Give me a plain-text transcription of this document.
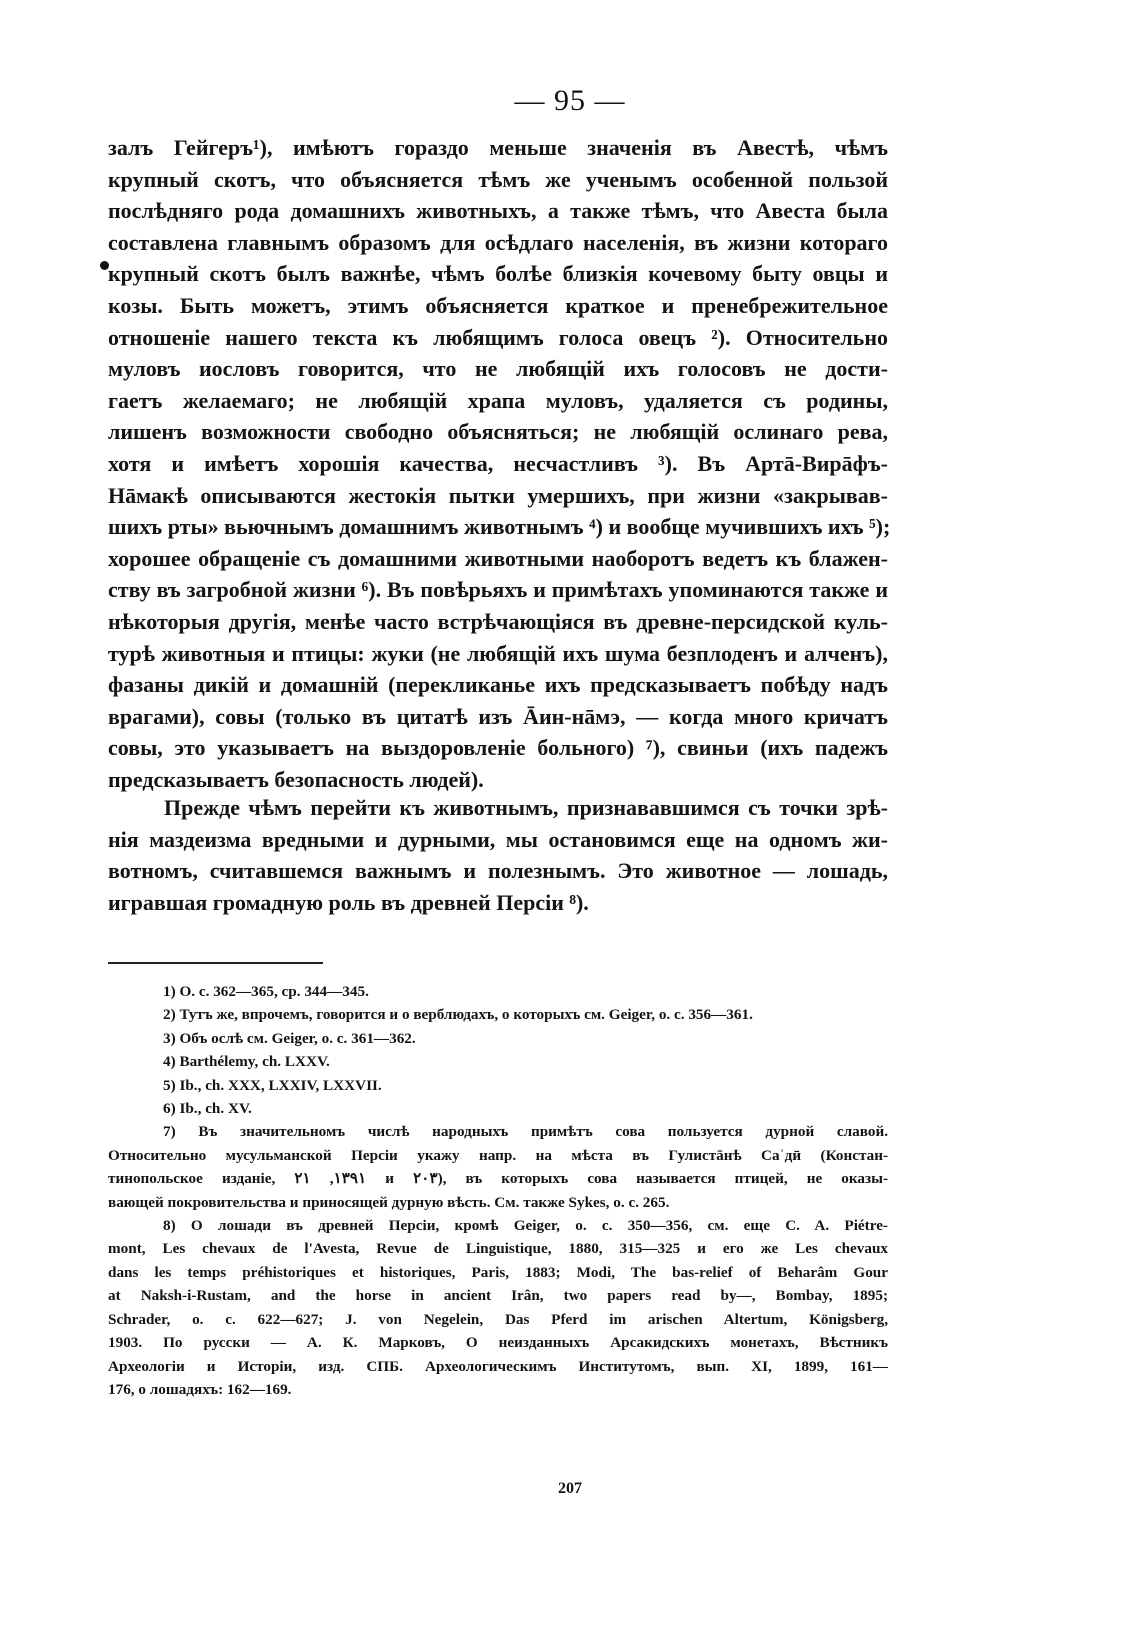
— 95 —
залъ Гейгеръ¹), имѣютъ гораздо меньше значенія въ Авестѣ, чѣмъ
крупный скотъ, что объясняется тѣмъ же ученымъ особенной пользой
послѣдняго рода домашнихъ животныхъ, а также тѣмъ, что Авеста была
составлена главнымъ образомъ для осѣдлаго населенія, въ жизни котораго
крупный скотъ былъ важнѣе, чѣмъ болѣе близкія кочевому быту овцы и
козы. Быть можетъ, этимъ объясняется краткое и пренебрежительное
отношеніе нашего текста къ любящимъ голоса овецъ ²). Относительно
муловъ иословъ говорится, что не любящій ихъ голосовъ не дости-
гаетъ желаемаго; не любящій храпа муловъ, удаляется съ родины,
лишенъ возможности свободно объясняться; не любящій ослинаго рева,
хотя и имѣетъ хорошія качества, несчастливъ ³). Въ Артā-Вирāфъ-
Нāмакѣ описываются жестокія пытки умершихъ, при жизни «закрывав-
шихъ рты» вьючнымъ домашнимъ животнымъ ⁴) и вообще мучившихъ ихъ ⁵);
хорошее обращеніе съ домашними животными наоборотъ ведетъ къ блажен-
ству въ загробной жизни ⁶). Въ повѣрьяхъ и примѣтахъ упоминаются также и
нѣкоторыя другія, менѣе часто встрѣчающіяся въ древне-персидской куль-
турѣ животныя и птицы: жуки (не любящій ихъ шума безплоденъ и алченъ),
фазаны дикій и домашній (перекликанье ихъ предсказываетъ побѣду надъ
врагами), совы (только въ цитатѣ изъ Āин-нāмэ, — когда много кричатъ
совы, это указываетъ на выздоровленіе больного) ⁷), свиньи (ихъ падежъ
предсказываетъ безопасность людей).
Прежде чѣмъ перейти къ животнымъ, признававшимся съ точки зрѣ-
нія маздеизма вредными и дурными, мы остановимся еще на одномъ жи-
вотномъ, считавшемся важнымъ и полезнымъ. Это животное — лошадь,
игравшая громадную роль въ древней Персіи ⁸).
1) О. с. 362—365, ср. 344—345.
2) Тутъ же, впрочемъ, говорится и о верблюдахъ, о которыхъ см. Geiger, o. c. 356—361.
3) Объ ослѣ см. Geiger, o. c. 361—362.
4) Barthélemy, ch. LXXV.
5) Ib., ch. XXX, LXXIV, LXXVII.
6) Ib., ch. XV.
7) Въ значительномъ числѣ народныхъ примѣтъ сова пользуется дурной славой.
Относительно мусульманской Персіи укажу напр. на мѣста въ Гулистāнѣ Саʿдӣ (Констан-
тинопольское изданіе, ١٣٩١, ٢١ и ٢٠٣), въ которыхъ сова называется птицей, не оказы-
вающей покровительства и приносящей дурную вѣсть. См. также Sykes, o. c. 265.
8) О лошади въ древней Персіи, кромѣ Geiger, o. c. 350—356, см. еще C. A. Piétre-
mont, Les chevaux de l'Avesta, Revue de Linguistique, 1880, 315—325 и его же Les chevaux
dans les temps préhistoriques et historiques, Paris, 1883; Modi, The bas-relief of Beharâm Gour
at Naksh-i-Rustam, and the horse in ancient Irân, two papers read by—, Bombay, 1895;
Schrader, o. c. 622—627; J. von Negelein, Das Pferd im arischen Altertum, Königsberg,
1903. По русски — А. К. Марковъ, О неизданныхъ Арсакидскихъ монетахъ, Вѣстникъ
Археологіи и Исторіи, изд. СПБ. Археологическимъ Институтомъ, вып. XI, 1899, 161—
176, о лошадяхъ: 162—169.
207
